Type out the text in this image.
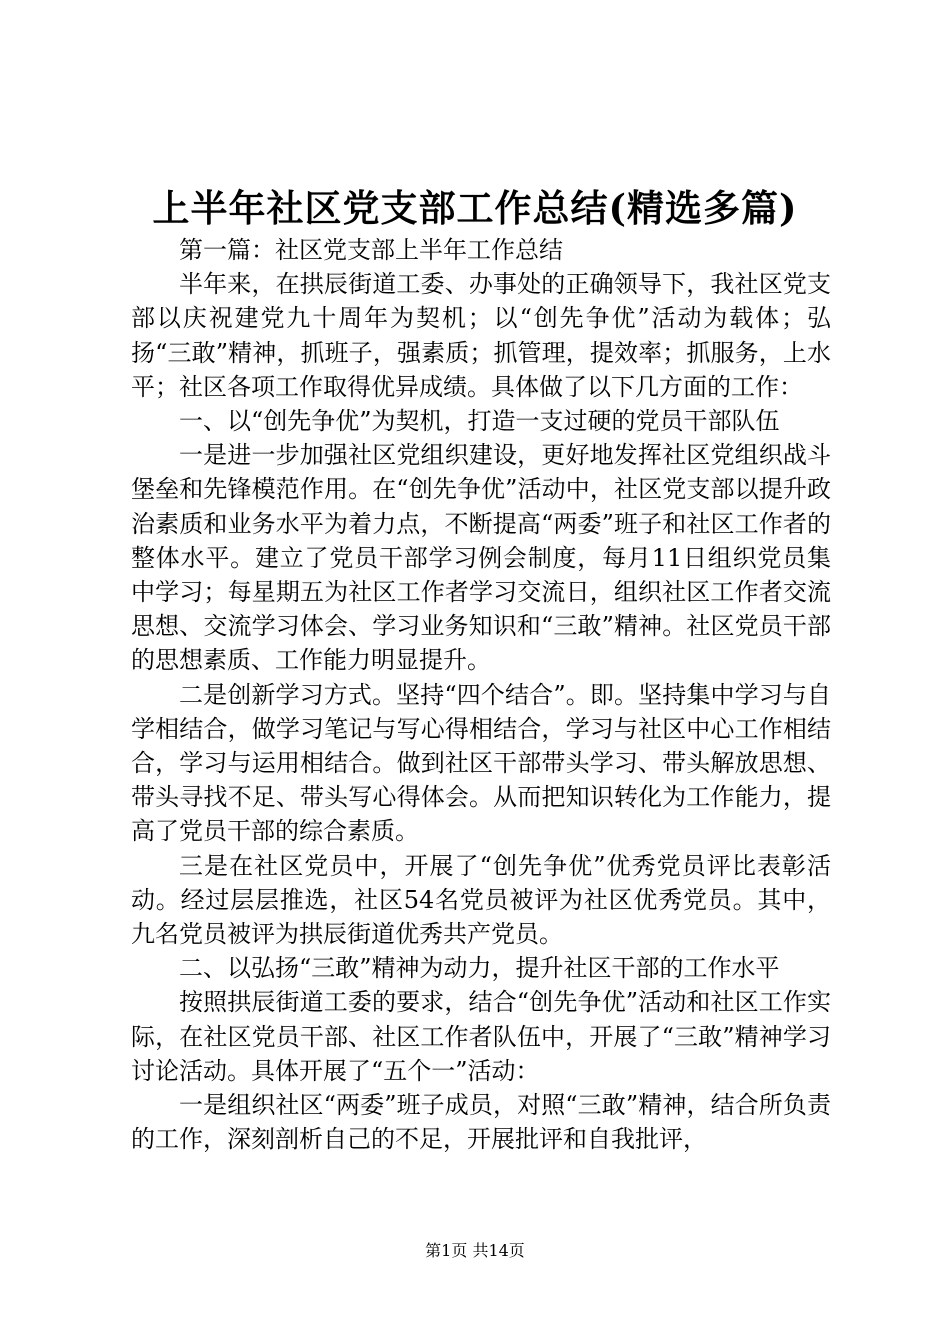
上半年社区党支部工作总结(精选多篇)

第一篇：社区党支部上半年工作总结

半年来，在拱辰街道工委、办事处的正确领导下，我社区党支部以庆祝建党九十周年为契机；以“创先争优”活动为载体；弘扬“三敢”精神，抓班子，强素质；抓管理，提效率；抓服务，上水平；社区各项工作取得优异成绩。具体做了以下几方面的工作：

一、以“创先争优”为契机，打造一支过硬的党员干部队伍

一是进一步加强社区党组织建设，更好地发挥社区党组织战斗堡垒和先锋模范作用。在“创先争优”活动中，社区党支部以提升政治素质和业务水平为着力点，不断提高“两委”班子和社区工作者的整体水平。建立了党员干部学习例会制度，每月11日组织党员集中学习；每星期五为社区工作者学习交流日，组织社区工作者交流思想、交流学习体会、学习业务知识和“三敢”精神。社区党员干部的思想素质、工作能力明显提升。

二是创新学习方式。坚持“四个结合”。即。坚持集中学习与自学相结合，做学习笔记与写心得相结合，学习与社区中心工作相结合，学习与运用相结合。做到社区干部带头学习、带头解放思想、带头寻找不足、带头写心得体会。从而把知识转化为工作能力，提高了党员干部的综合素质。

三是在社区党员中，开展了“创先争优”优秀党员评比表彰活动。经过层层推选，社区54名党员被评为社区优秀党员。其中，九名党员被评为拱辰街道优秀共产党员。

二、以弘扬“三敢”精神为动力，提升社区干部的工作水平

按照拱辰街道工委的要求，结合“创先争优”活动和社区工作实际，在社区党员干部、社区工作者队伍中，开展了“三敢”精神学习讨论活动。具体开展了“五个一”活动：

一是组织社区“两委”班子成员，对照“三敢”精神，结合所负责的工作，深刻剖析自己的不足，开展批评和自我批评，

第1页 共14页
